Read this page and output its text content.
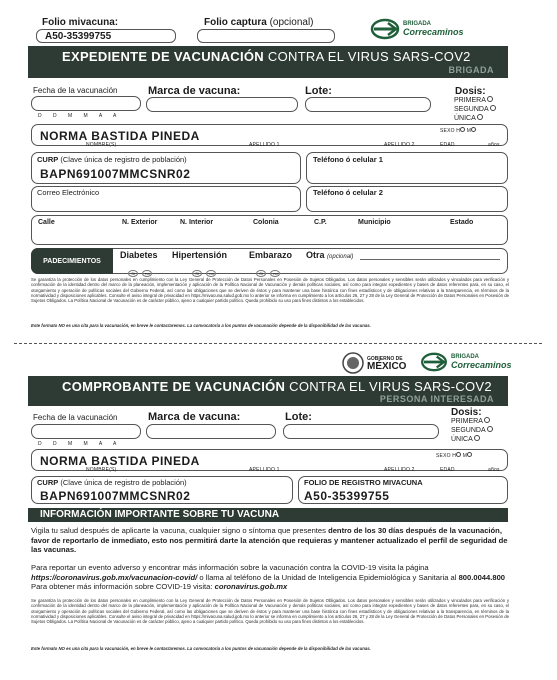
Folio mivacuna:
A50-35399755
Folio captura (opcional)	BRIGADA
Correcaminos
EXPEDIENTE DE VACUNACIÓN CONTRA EL VIRUS SARS-COV2
BRIGADA
Fecha de la vacunación
D D M M A A
Marca de vacuna:	Lote:	Dosis:
PRIMERA
SEGUNDA
ÚNICA
NORMA BASTIDA PINEDA
NOMBRE(S)	APELLIDO 1	APELLIDO 2	EDAD	años
SEXO H M
CURP (Clave única de registro de población)
BAPN691007MMCSNR02
Teléfono ó celular 1
Correo Electrónico	Teléfono ó celular 2
Calle	N. Exterior	N. Interior	Colonia	C.P.	Municipio	Estado
PADECIMIENTOS
Diabetes
Si	no
Hipertensión
Si	no
Embarazo
Si	no
Otra (opcional)
Se garantiza la protección de los datos personales en cumplimiento con la Ley General de Protección de Datos Personales en Posesión de Sujetos Obligados. Los datos personales y sensibles serán utilizados y vinculados para verificación y confirmación de la identidad dentro del marco de la planeación, implementación y aplicación de la Política Nacional de Vacunación y demás políticas sociales, así como para integrar expedientes y bases de datos referentes para, en su caso, el otorgamiento y operación de políticas sociales del Gobierno Federal, así como las obligaciones que se deriven de éstos y para mantener una base histórica con fines estadísticos y de obligaciones relativas a la transparencia, en términos de la normatividad y disposiciones aplicables. Consulte el aviso integral de privacidad en https://mivacuna.salud.gob.mx lo anterior se informa en cumplimiento a los artículos 26, 27 y 28 de la Ley General de Protección de Datos Personales en Posesión de Sujetos Obligados. La Política Nacional de Vacunación es de carácter público, ajeno a cualquier partido político. Queda prohibido su uso para fines distintos a los establecidos.
Este formato NO es una cita para la vacunación, en breve le contactaremos. La convocatoria a los puntos de vacunación depende de la disponibilidad de las vacunas.
GOBIERNO DE
MÉXICO
BRIGADA
Correcaminos
COMPROBANTE DE VACUNACIÓN CONTRA EL VIRUS SARS-COV2
PERSONA INTERESADA
Fecha de la vacunación
D D M M A A
Marca de vacuna:	Lote:	Dosis:
PRIMERA
SEGUNDA
ÚNICA
NORMA BASTIDA PINEDA
NOMBRE(S)	APELLIDO 1	APELLIDO 2	EDAD	años
SEXO H M
CURP (Clave única de registro de población)
BAPN691007MMCSNR02
FOLIO DE REGISTRO MIVACUNA
A50-35399755
INFORMACIÓN IMPORTANTE SOBRE TU VACUNA
Vigila tu salud después de aplicarte la vacuna, cualquier signo o síntoma que presentes dentro de los 30 días después de la vacunación, favor de reportarlo de inmediato, esto nos permitirá darte la atención que requieras y mantener actualizado el perfil de seguridad de las vacunas.
Para reportar un evento adverso y encontrar más información sobre la vacunación contra la COVID-19 visita la página https://coronavirus.gob.mx/vacunacion-covid/ o llama al teléfono de la Unidad de Inteligencia Epidemiológica y Sanitaria al 800.0044.800 Para obtener más información sobre COVID-19 visita: coronavirus.gob.mx
Se garantiza la protección de los datos personales en cumplimiento con la Ley General de Protección de Datos Personales en Posesión de Sujetos Obligados. Los datos personales y sensibles serán utilizados y vinculados para verificación y confirmación de la identidad dentro del marco de la planeación, implementación y aplicación de la Política Nacional de Vacunación y demás políticas sociales, así como para integrar expedientes y bases de datos referentes para, en su caso, el otorgamiento y operación de políticas sociales del Gobierno Federal, así como las obligaciones que se deriven de éstos y para mantener una base histórica con fines estadísticos y de obligaciones relativas a la transparencia, en términos de la normatividad y disposiciones aplicables. Consulte el aviso integral de privacidad en https://mivacuna.salud.gob.mx lo anterior se informa en cumplimiento a los artículos 26, 27 y 28 de la Ley General de Protección de Datos Personales en Posesión de Sujetos Obligados. La Política Nacional de Vacunación es de carácter público, ajeno a cualquier partido político. Queda prohibido su uso para fines distintos a los establecidos.
Este formato NO es una cita para la vacunación, en breve le contactaremos. La convocatoria a los puntos de vacunación depende de la disponibilidad de las vacunas.
